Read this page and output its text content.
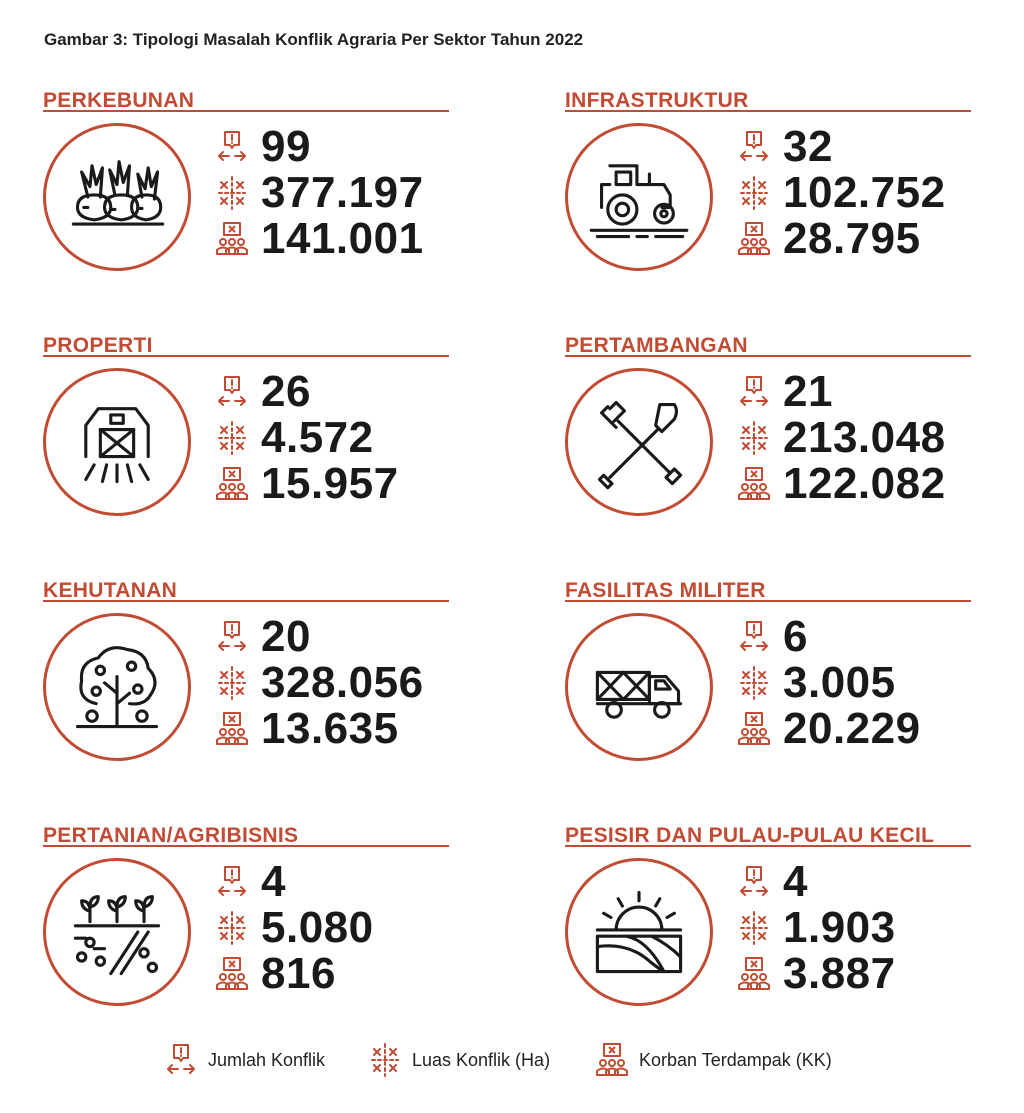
Gambar 3: Tipologi Masalah Konflik Agraria Per Sektor Tahun 2022
PERKEBUNAN
99
377.197
141.001
INFRASTRUKTUR
32
102.752
28.795
PROPERTI
26
4.572
15.957
PERTAMBANGAN
21
213.048
122.082
KEHUTANAN
20
328.056
13.635
FASILITAS MILITER
6
3.005
20.229
PERTANIAN/AGRIBISNIS
4
5.080
816
PESISIR DAN PULAU-PULAU KECIL
4
1.903
3.887
Jumlah Konflik	Luas Konflik (Ha)	Korban Terdampak (KK)
